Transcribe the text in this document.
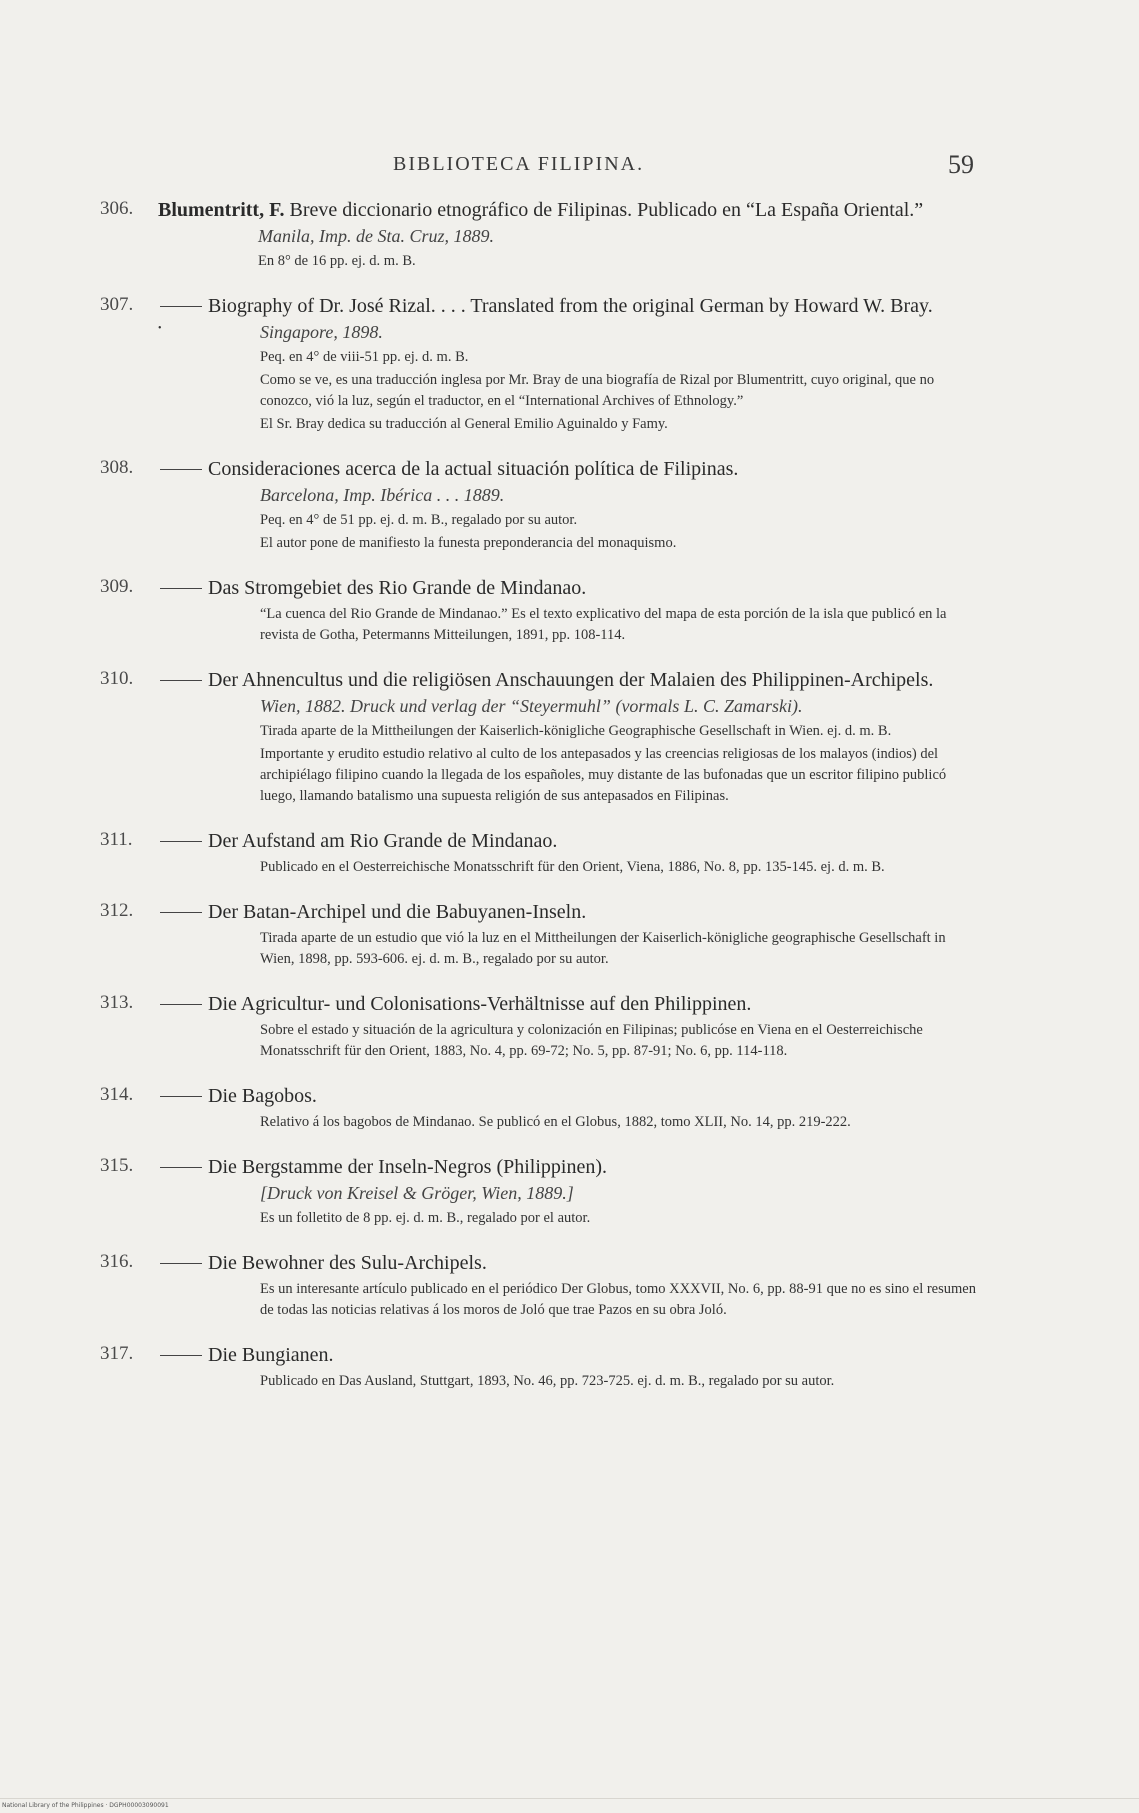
BIBLIOTECA FILIPINA.	59
306.	Blumentritt, F. Breve diccionario etnográfico de Filipinas. Publicado en “La España Oriental.”

Manila, Imp. de Sta. Cruz, 1889.

En 8° de 16 pp. ej. d. m. B.

307.
•

Biography of Dr. José Rizal. . . . Translated from the original German by Howard W. Bray.

Singapore, 1898.

Peq. en 4° de viii-51 pp. ej. d. m. B.

Como se ve, es una traducción inglesa por Mr. Bray de una biografía de Rizal por Blumentritt, cuyo original, que no conozco, vió la luz, según el traductor, en el “International Archives of Ethnology.”

El Sr. Bray dedica su traducción al General Emilio Aguinaldo y Famy.

308.	Consideraciones acerca de la actual situación política de Filipinas.

Barcelona, Imp. Ibérica . . . 1889.

Peq. en 4° de 51 pp. ej. d. m. B., regalado por su autor.

El autor pone de manifiesto la funesta preponderancia del monaquismo.

309.	Das Stromgebiet des Rio Grande de Mindanao.

“La cuenca del Rio Grande de Mindanao.” Es el texto explicativo del mapa de esta porción de la isla que publicó en la revista de Gotha, Petermanns Mitteilungen, 1891, pp. 108-114.

310.	Der Ahnencultus und die religiösen Anschauungen der Malaien des Philippinen-Archipels.

Wien, 1882. Druck und verlag der “Steyermuhl” (vormals L. C. Zamarski).

Tirada aparte de la Mittheilungen der Kaiserlich-königliche Geographische Gesellschaft in Wien. ej. d. m. B.

Importante y erudito estudio relativo al culto de los antepasados y las creencias religiosas de los malayos (indios) del archipiélago filipino cuando la llegada de los españoles, muy distante de las bufonadas que un escritor filipino publicó luego, llamando batalismo una supuesta religión de sus antepasados en Filipinas.

311.	Der Aufstand am Rio Grande de Mindanao.

Publicado en el Oesterreichische Monatsschrift für den Orient, Viena, 1886, No. 8, pp. 135-145. ej. d. m. B.

312.	Der Batan-Archipel und die Babuyanen-Inseln.

Tirada aparte de un estudio que vió la luz en el Mittheilungen der Kaiserlich-königliche geographische Gesellschaft in Wien, 1898, pp. 593-606. ej. d. m. B., regalado por su autor.

313.	Die Agricultur- und Colonisations-Verhältnisse auf den Philippinen.

Sobre el estado y situación de la agricultura y colonización en Filipinas; publicóse en Viena en el Oesterreichische Monatsschrift für den Orient, 1883, No. 4, pp. 69-72; No. 5, pp. 87-91; No. 6, pp. 114-118.

314.	Die Bagobos.

Relativo á los bagobos de Mindanao. Se publicó en el Globus, 1882, tomo XLII, No. 14, pp. 219-222.

315.	Die Bergstamme der Inseln-Negros (Philippinen).

[Druck von Kreisel & Gröger, Wien, 1889.]

Es un folletito de 8 pp. ej. d. m. B., regalado por el autor.

316.	Die Bewohner des Sulu-Archipels.

Es un interesante artículo publicado en el periódico Der Globus, tomo XXXVII, No. 6, pp. 88-91 que no es sino el resumen de todas las noticias relativas á los moros de Joló que trae Pazos en su obra Joló.

317.	Die Bungianen.

Publicado en Das Ausland, Stuttgart, 1893, No. 46, pp. 723-725. ej. d. m. B., regalado por su autor.

National Library of the Philippines · DGPH00003090091
